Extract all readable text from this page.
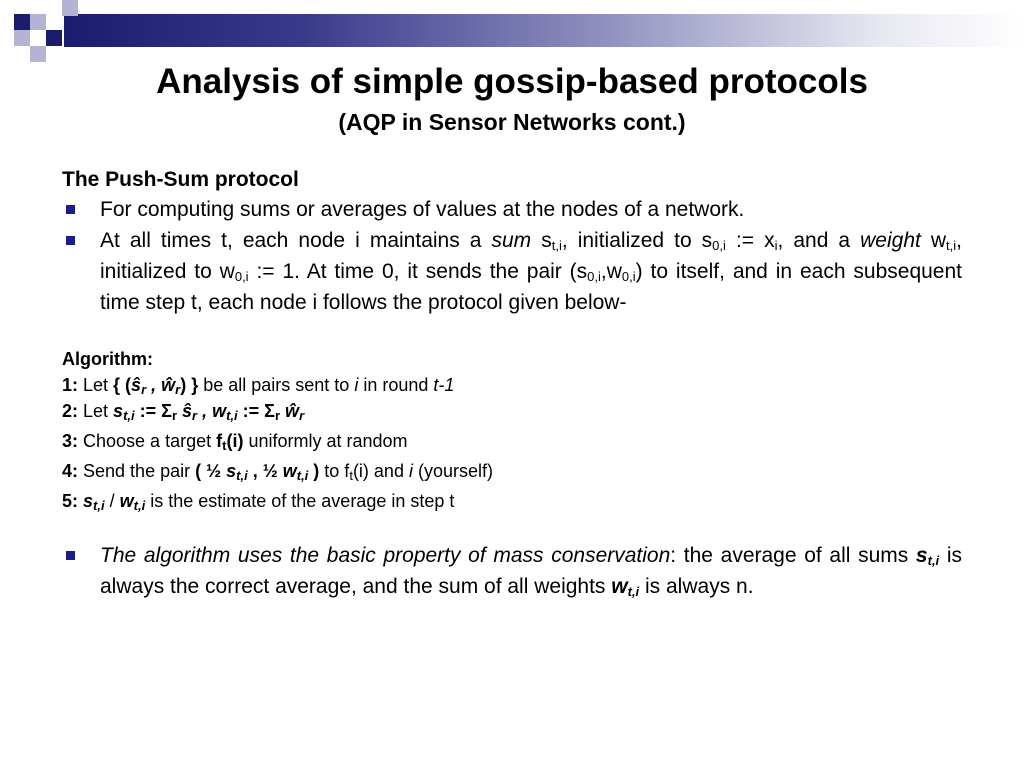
Analysis of simple gossip-based protocols
(AQP in Sensor Networks cont.)
The Push-Sum protocol
For computing sums or averages of values at the nodes of a network.
At all times t, each node i maintains a sum $s_{t,i}$, initialized to $s_{0,i}$ := $x_i$, and a weight $w_{t,i}$, initialized to $w_{0,i}$ := 1. At time 0, it sends the pair $(s_{0,i},w_{0,i})$ to itself, and in each subsequent time step t, each node i follows the protocol given below-
Algorithm:
1: Let { ($ŝ_r$ , $ŵ_r$) } be all pairs sent to i in round t-1
2: Let $s_{t,i}$ := $\Sigma_r$ $ŝ_r$ , $w_{t,i}$ := $\Sigma_r$ $ŵ_r$
3: Choose a target $f_t(i)$ uniformly at random
4: Send the pair ( ½ $s_{t,i}$ , ½ $w_{t,i}$ ) to $f_t(i)$ and i (yourself)
5: $s_{t,i} / w_{t,i}$ is the estimate of the average in step t
The algorithm uses the basic property of mass conservation: the average of all sums $s_{t,i}$ is always the correct average, and the sum of all weights $w_{t,i}$ is always n.
